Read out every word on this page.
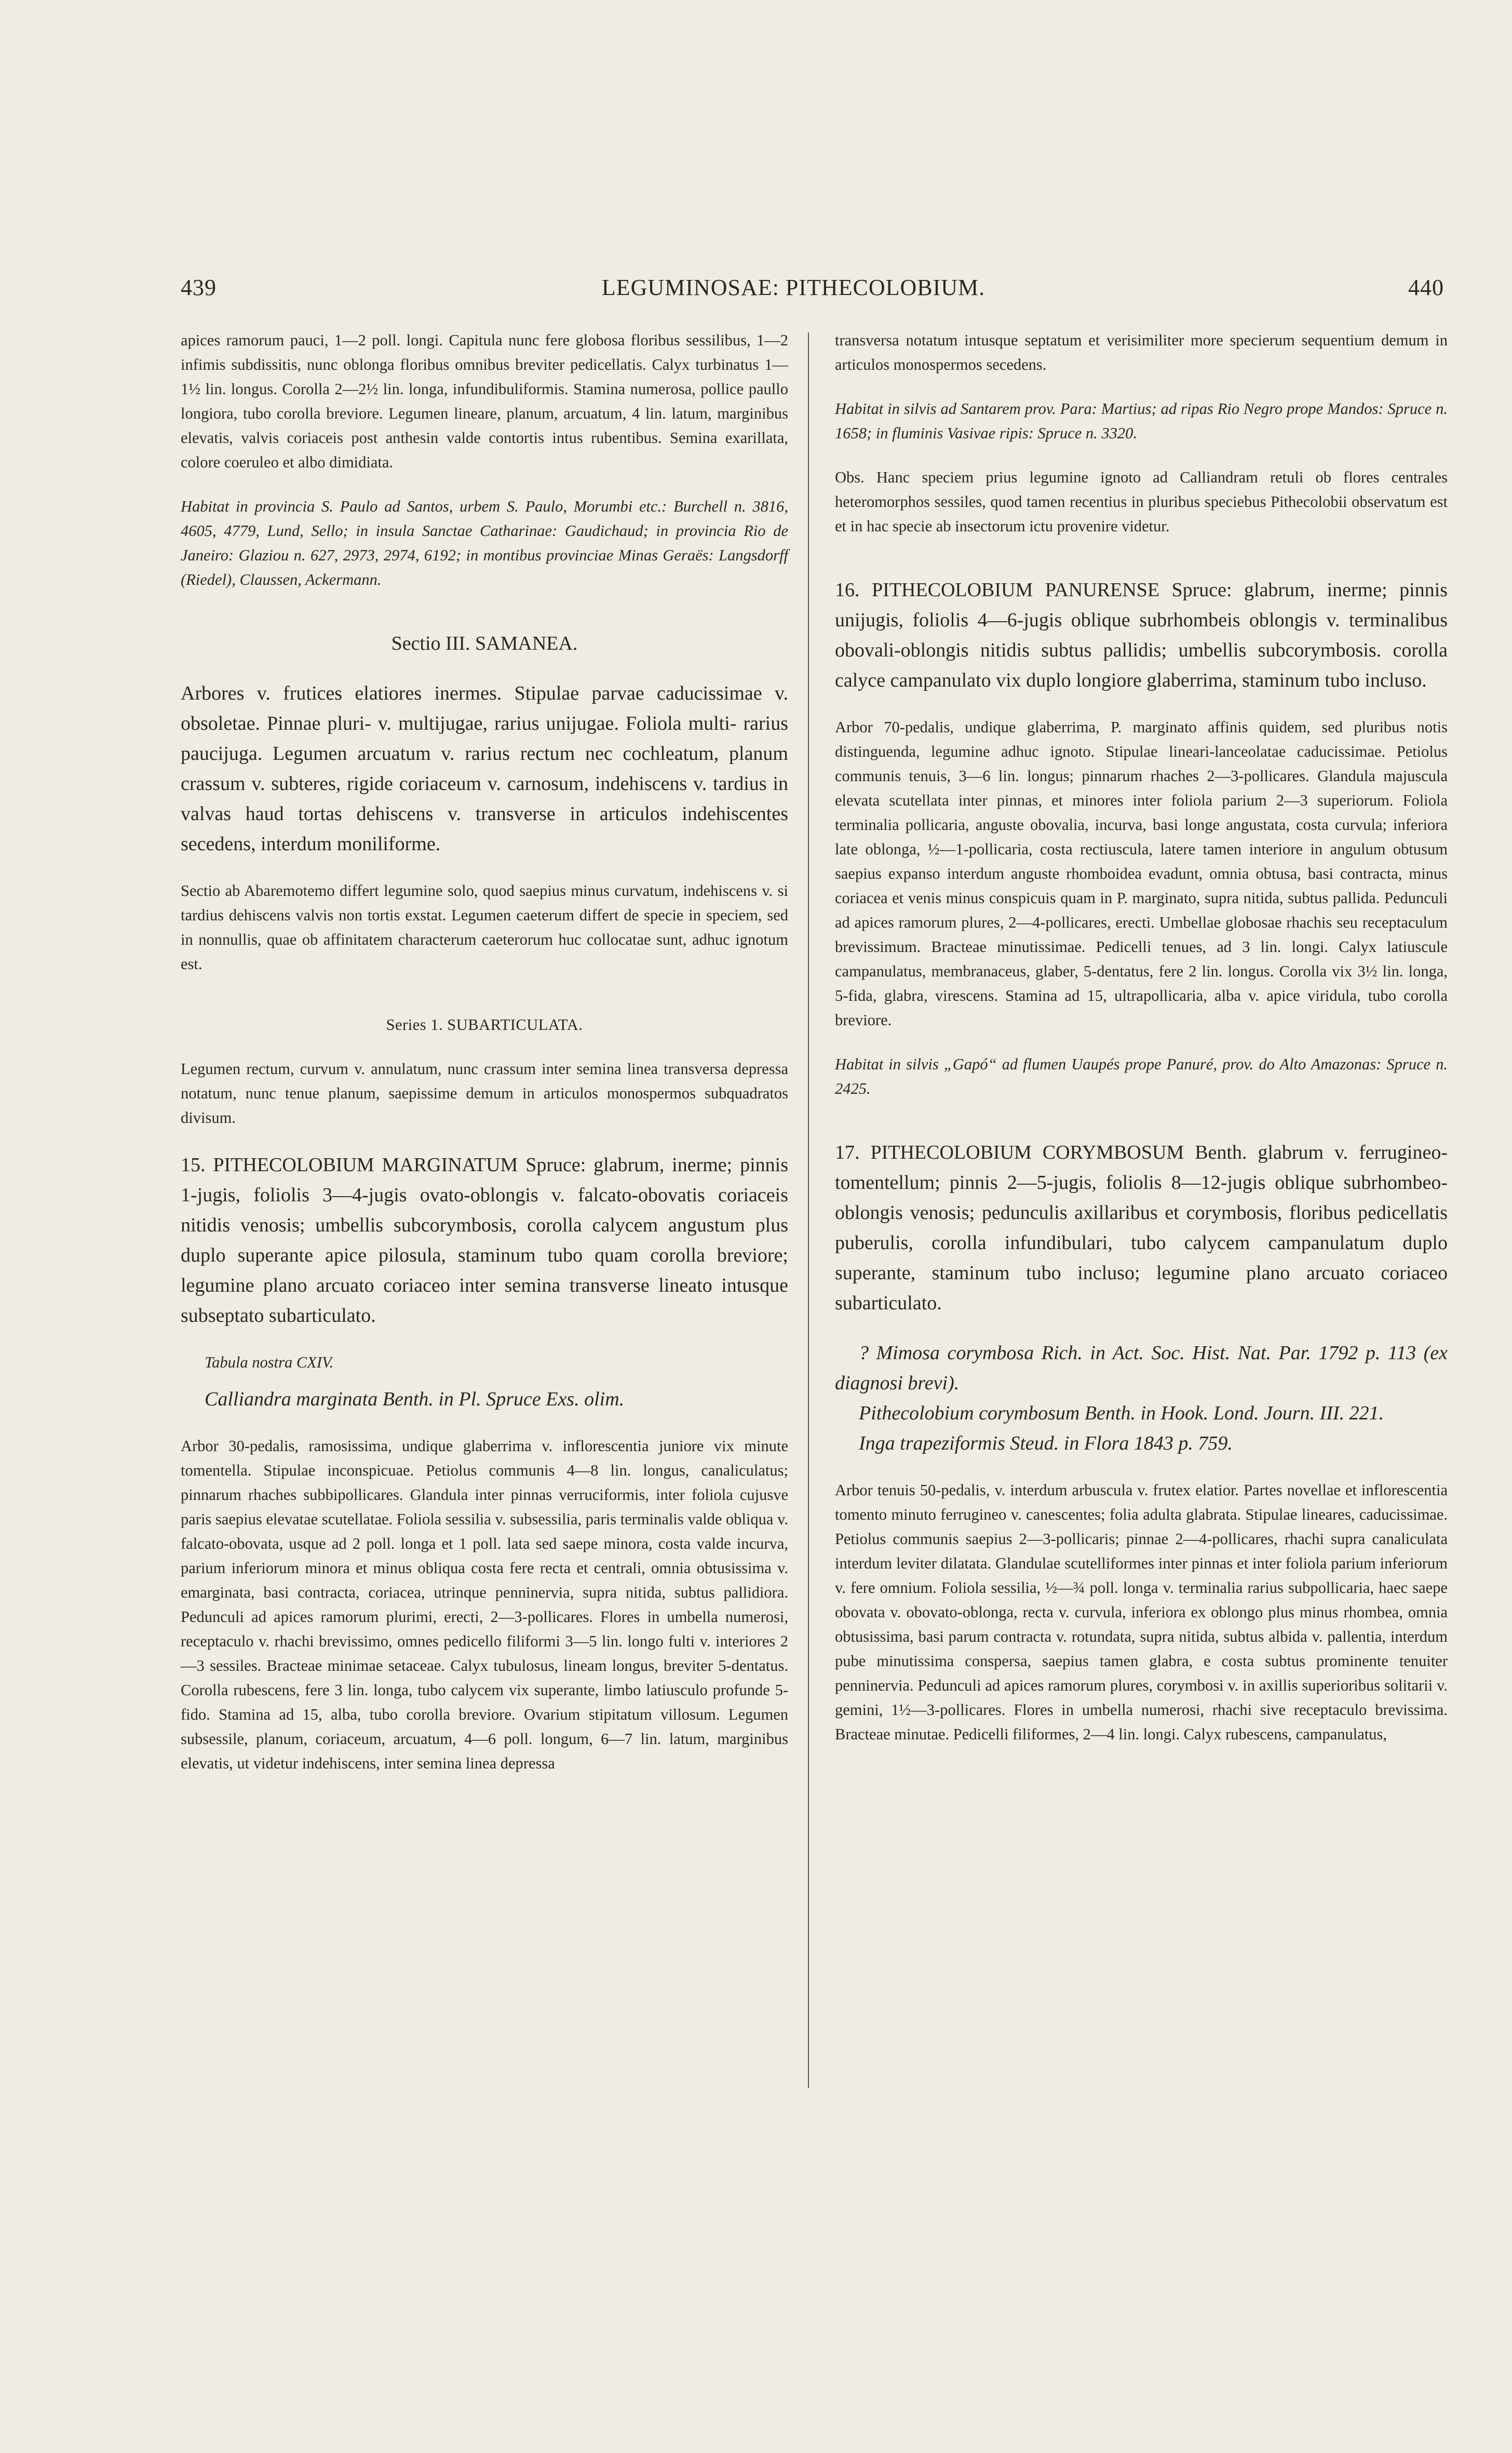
439	LEGUMINOSAE: PITHECOLOBIUM.	440

apices ramorum pauci, 1—2 poll. longi. Capitula nunc fere globosa floribus sessilibus, 1—2 infimis subdissitis, nunc oblonga floribus omnibus breviter pedicellatis. Calyx turbinatus 1—1½ lin. longus. Corolla 2—2½ lin. longa, infundibuliformis. Stamina numerosa, pollice paullo longiora, tubo corolla breviore. Legumen lineare, planum, arcuatum, 4 lin. latum, marginibus elevatis, valvis coriaceis post anthesin valde contortis intus rubentibus. Semina exarillata, colore coeruleo et albo dimidiata.

Habitat in provincia S. Paulo ad Santos, urbem S. Paulo, Morumbi etc.: Burchell n. 3816, 4605, 4779, Lund, Sello; in insula Sanctae Catharinae: Gaudichaud; in provincia Rio de Janeiro: Glaziou n. 627, 2973, 2974, 6192; in montibus provinciae Minas Geraës: Langsdorff (Riedel), Claussen, Ackermann.

Sectio III. SAMANEA.

Arbores v. frutices elatiores inermes. Stipulae parvae caducissimae v. obsoletae. Pinnae pluri- v. multijugae, rarius unijugae. Foliola multi- rarius paucijuga. Legumen arcuatum v. rarius rectum nec cochleatum, planum crassum v. subteres, rigide coriaceum v. carnosum, indehiscens v. tardius in valvas haud tortas dehiscens v. transverse in articulos indehiscentes secedens, interdum moniliforme.

Sectio ab Abaremotemo differt legumine solo, quod saepius minus curvatum, indehiscens v. si tardius dehiscens valvis non tortis exstat. Legumen caeterum differt de specie in speciem, sed in nonnullis, quae ob affinitatem characterum caeterorum huc collocatae sunt, adhuc ignotum est.

Series 1. SUBARTICULATA.

Legumen rectum, curvum v. annulatum, nunc crassum inter semina linea transversa depressa notatum, nunc tenue planum, saepissime demum in articulos monospermos subquadratos divisum.

15. PITHECOLOBIUM MARGINATUM Spruce: glabrum, inerme; pinnis 1-jugis, foliolis 3—4-jugis ovato-oblongis v. falcato-obovatis coriaceis nitidis venosis; umbellis subcorymbosis, corolla calycem angustum plus duplo superante apice pilosula, staminum tubo quam corolla breviore; legumine plano arcuato coriaceo inter semina transverse lineato intusque subseptato subarticulato.

Tabula nostra CXIV.

Calliandra marginata Benth. in Pl. Spruce Exs. olim.

Arbor 30-pedalis, ramosissima, undique glaberrima v. inflorescentia juniore vix minute tomentella. Stipulae inconspicuae. Petiolus communis 4—8 lin. longus, canaliculatus; pinnarum rhaches subbipollicares. Glandula inter pinnas verruciformis, inter foliola cujusve paris saepius elevatae scutellatae. Foliola sessilia v. subsessilia, paris terminalis valde obliqua v. falcato-obovata, usque ad 2 poll. longa et 1 poll. lata sed saepe minora, costa valde incurva, parium inferiorum minora et minus obliqua costa fere recta et centrali, omnia obtusissima v. emarginata, basi contracta, coriacea, utrinque penninervia, supra nitida, subtus pallidiora. Pedunculi ad apices ramorum plurimi, erecti, 2—3-pollicares. Flores in umbella numerosi, receptaculo v. rhachi brevissimo, omnes pedicello filiformi 3—5 lin. longo fulti v. interiores 2—3 sessiles. Bracteae minimae setaceae. Calyx tubulosus, lineam longus, breviter 5-dentatus. Corolla rubescens, fere 3 lin. longa, tubo calycem vix superante, limbo latiusculo profunde 5-fido. Stamina ad 15, alba, tubo corolla breviore. Ovarium stipitatum villosum. Legumen subsessile, planum, coriaceum, arcuatum, 4—6 poll. longum, 6—7 lin. latum, marginibus elevatis, ut videtur indehiscens, inter semina linea depressa

transversa notatum intusque septatum et verisimiliter more specierum sequentium demum in articulos monospermos secedens.

Habitat in silvis ad Santarem prov. Para: Martius; ad ripas Rio Negro prope Mandos: Spruce n. 1658; in fluminis Vasivae ripis: Spruce n. 3320.

Obs. Hanc speciem prius legumine ignoto ad Calliandram retuli ob flores centrales heteromorphos sessiles, quod tamen recentius in pluribus speciebus Pithecolobii observatum est et in hac specie ab insectorum ictu provenire videtur.

16. PITHECOLOBIUM PANURENSE Spruce: glabrum, inerme; pinnis unijugis, foliolis 4—6-jugis oblique subrhombeis oblongis v. terminalibus obovali-oblongis nitidis subtus pallidis; umbellis subcorymbosis. corolla calyce campanulato vix duplo longiore glaberrima, staminum tubo incluso.

Arbor 70-pedalis, undique glaberrima, P. marginato affinis quidem, sed pluribus notis distinguenda, legumine adhuc ignoto. Stipulae lineari-lanceolatae caducissimae. Petiolus communis tenuis, 3—6 lin. longus; pinnarum rhaches 2—3-pollicares. Glandula majuscula elevata scutellata inter pinnas, et minores inter foliola parium 2—3 superiorum. Foliola terminalia pollicaria, anguste obovalia, incurva, basi longe angustata, costa curvula; inferiora late oblonga, ½—1-pollicaria, costa rectiuscula, latere tamen interiore in angulum obtusum saepius expanso interdum anguste rhomboidea evadunt, omnia obtusa, basi contracta, minus coriacea et venis minus conspicuis quam in P. marginato, supra nitida, subtus pallida. Pedunculi ad apices ramorum plures, 2—4-pollicares, erecti. Umbellae globosae rhachis seu receptaculum brevissimum. Bracteae minutissimae. Pedicelli tenues, ad 3 lin. longi. Calyx latiuscule campanulatus, membranaceus, glaber, 5-dentatus, fere 2 lin. longus. Corolla vix 3½ lin. longa, 5-fida, glabra, virescens. Stamina ad 15, ultrapollicaria, alba v. apice viridula, tubo corolla breviore.

Habitat in silvis „Gapó“ ad flumen Uaupés prope Panuré, prov. do Alto Amazonas: Spruce n. 2425.

17. PITHECOLOBIUM CORYMBOSUM Benth. glabrum v. ferrugineo-tomentellum; pinnis 2—5-jugis, foliolis 8—12-jugis oblique subrhombeo-oblongis venosis; pedunculis axillaribus et corymbosis, floribus pedicellatis puberulis, corolla infundibulari, tubo calycem campanulatum duplo superante, staminum tubo incluso; legumine plano arcuato coriaceo subarticulato.

? Mimosa corymbosa Rich. in Act. Soc. Hist. Nat. Par. 1792 p. 113 (ex diagnosi brevi).

Pithecolobium corymbosum Benth. in Hook. Lond. Journ. III. 221.

Inga trapeziformis Steud. in Flora 1843 p. 759.

Arbor tenuis 50-pedalis, v. interdum arbuscula v. frutex elatior. Partes novellae et inflorescentia tomento minuto ferrugineo v. canescentes; folia adulta glabrata. Stipulae lineares, caducissimae. Petiolus communis saepius 2—3-pollicaris; pinnae 2—4-pollicares, rhachi supra canaliculata interdum leviter dilatata. Glandulae scutelliformes inter pinnas et inter foliola parium inferiorum v. fere omnium. Foliola sessilia, ½—¾ poll. longa v. terminalia rarius subpollicaria, haec saepe obovata v. obovato-oblonga, recta v. curvula, inferiora ex oblongo plus minus rhombea, omnia obtusissima, basi parum contracta v. rotundata, supra nitida, subtus albida v. pallentia, interdum pube minutissima conspersa, saepius tamen glabra, e costa subtus prominente tenuiter penninervia. Pedunculi ad apices ramorum plures, corymbosi v. in axillis superioribus solitarii v. gemini, 1½—3-pollicares. Flores in umbella numerosi, rhachi sive receptaculo brevissima. Bracteae minutae. Pedicelli filiformes, 2—4 lin. longi. Calyx rubescens, campanulatus,
